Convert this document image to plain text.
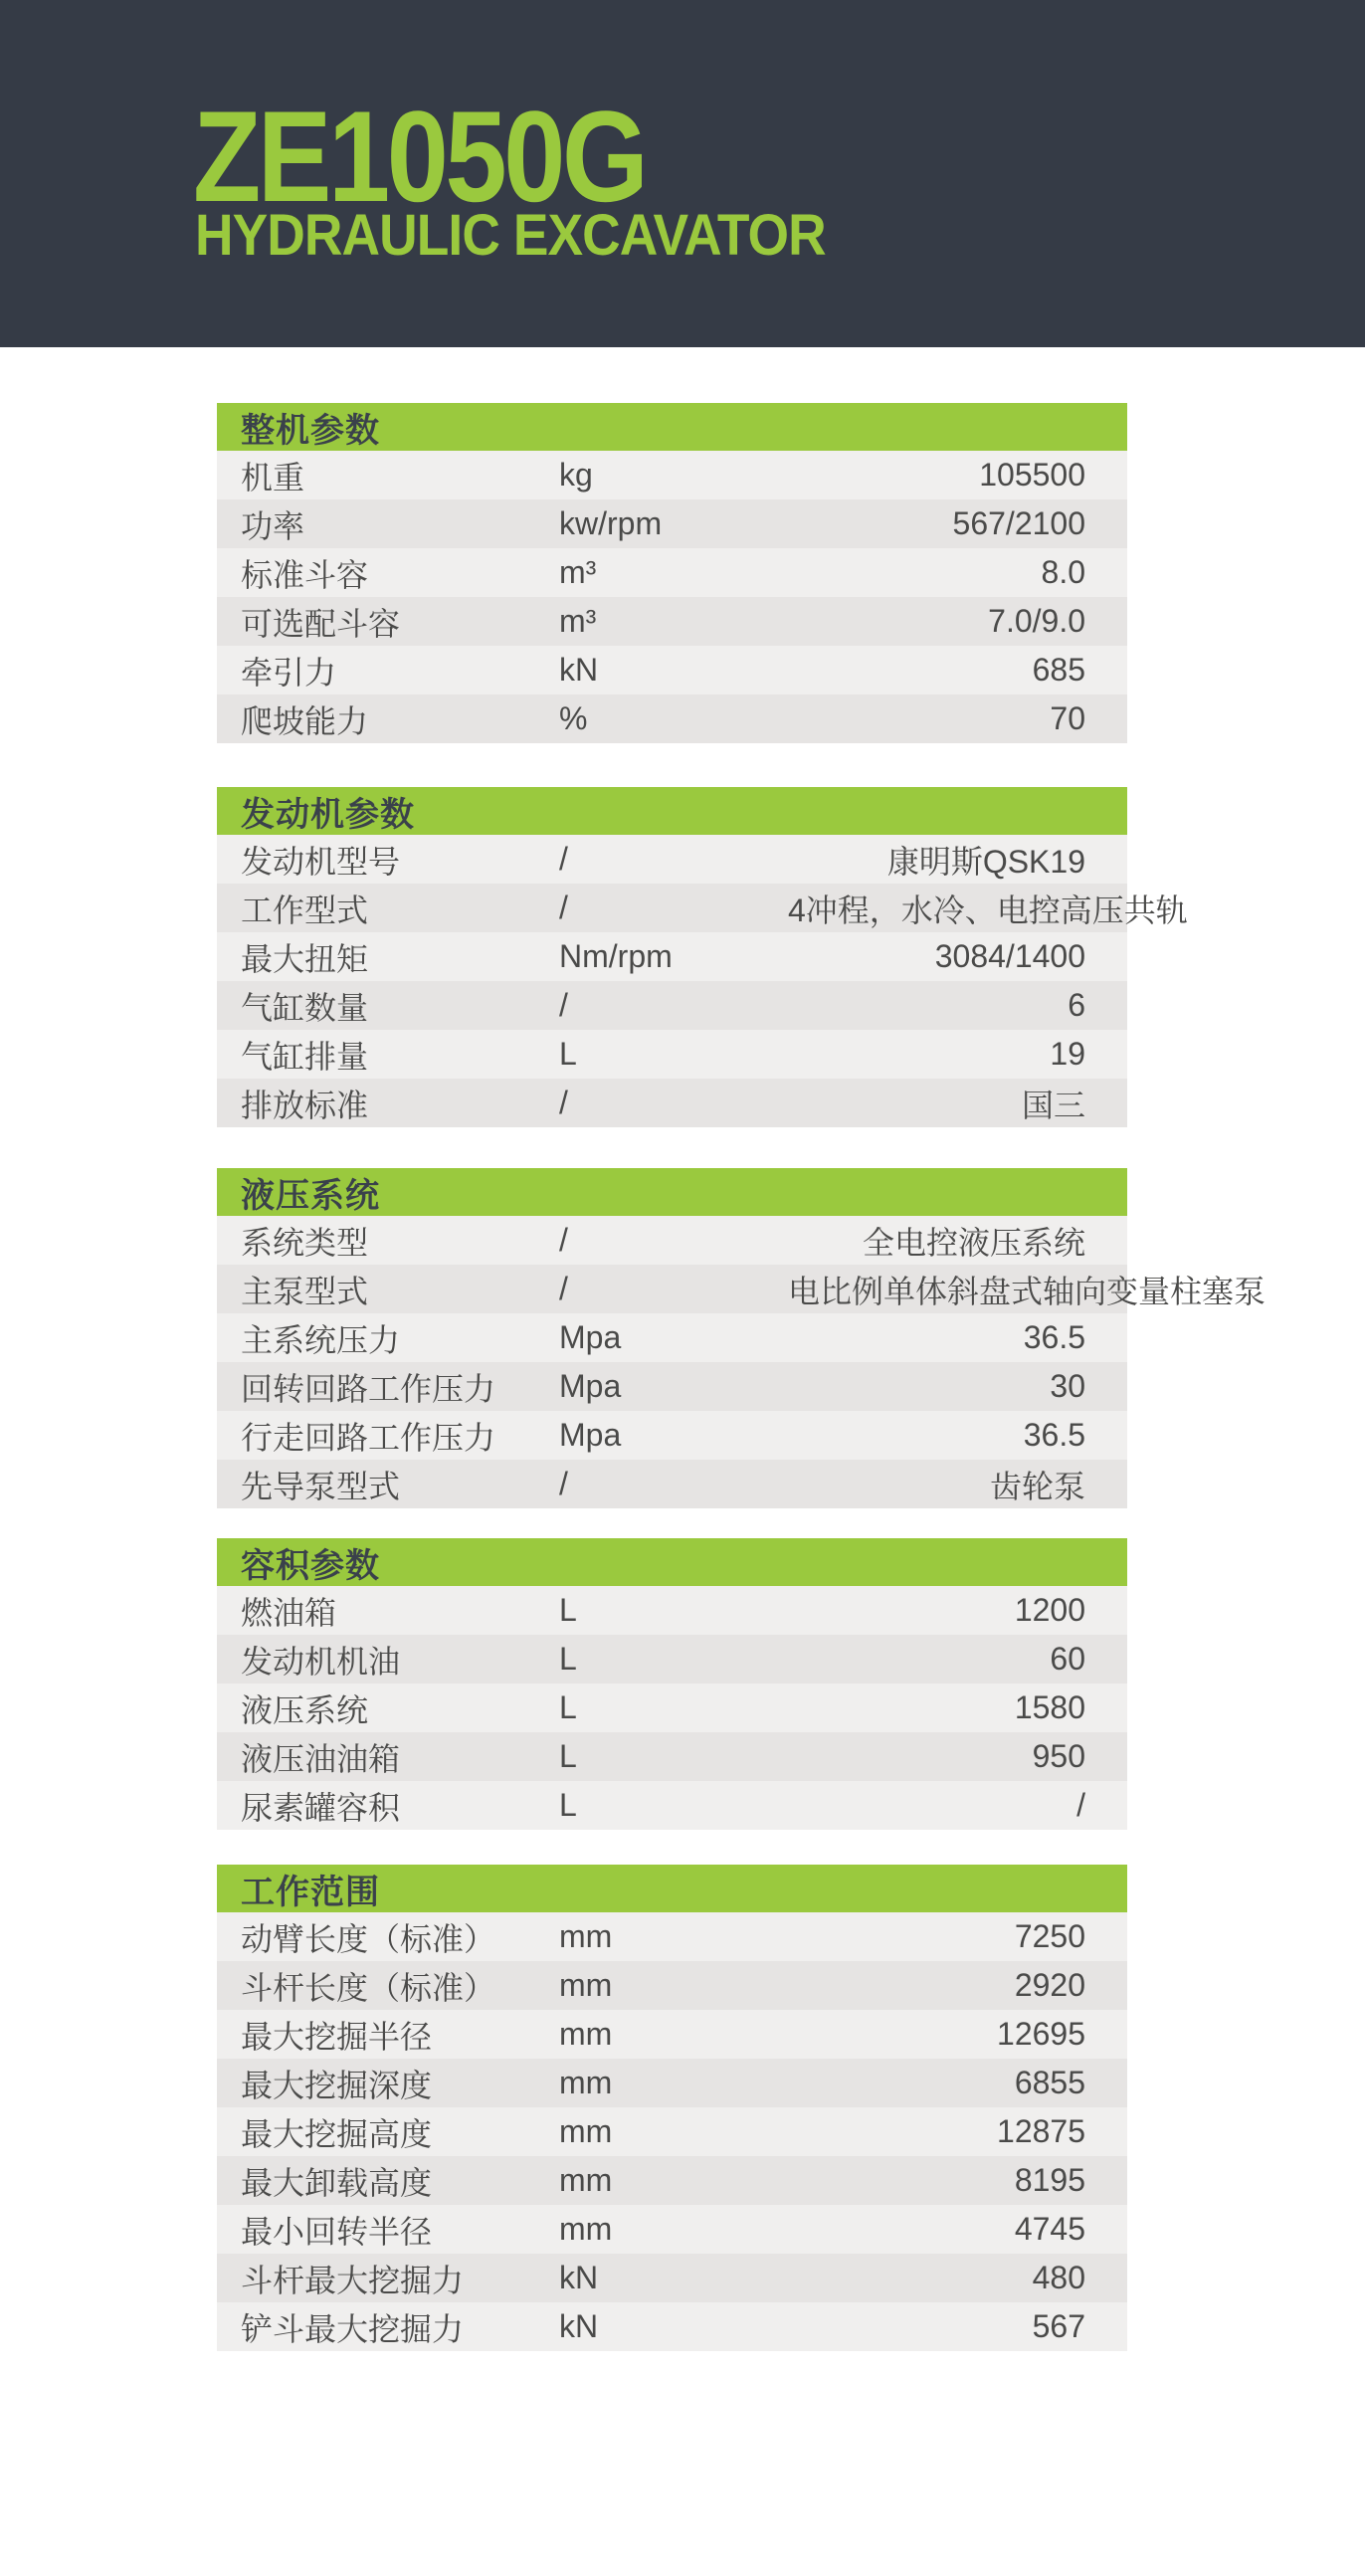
ZE1050G
HYDRAULIC EXCAVATOR
整机参数
机重	kg	105500
功率	kw/rpm	567/2100
标准斗容	m³	8.0
可选配斗容	m³	7.0/9.0
牵引力	kN	685
爬坡能力	%	70
发动机参数
发动机型号	/	康明斯QSK19
工作型式	/	4冲程，水冷、电控高压共轨
最大扭矩	Nm/rpm	3084/1400
气缸数量	/	6
气缸排量	L	19
排放标准	/	国三
液压系统
系统类型	/	全电控液压系统
主泵型式	/	电比例单体斜盘式轴向变量柱塞泵
主系统压力	Mpa	36.5
回转回路工作压力	Mpa	30
行走回路工作压力	Mpa	36.5
先导泵型式	/	齿轮泵
容积参数
燃油箱	L	1200
发动机机油	L	60
液压系统	L	1580
液压油油箱	L	950
尿素罐容积	L	/
工作范围
动臂长度（标准）	mm	7250
斗杆长度（标准）	mm	2920
最大挖掘半径	mm	12695
最大挖掘深度	mm	6855
最大挖掘高度	mm	12875
最大卸载高度	mm	8195
最小回转半径	mm	4745
斗杆最大挖掘力	kN	480
铲斗最大挖掘力	kN	567
